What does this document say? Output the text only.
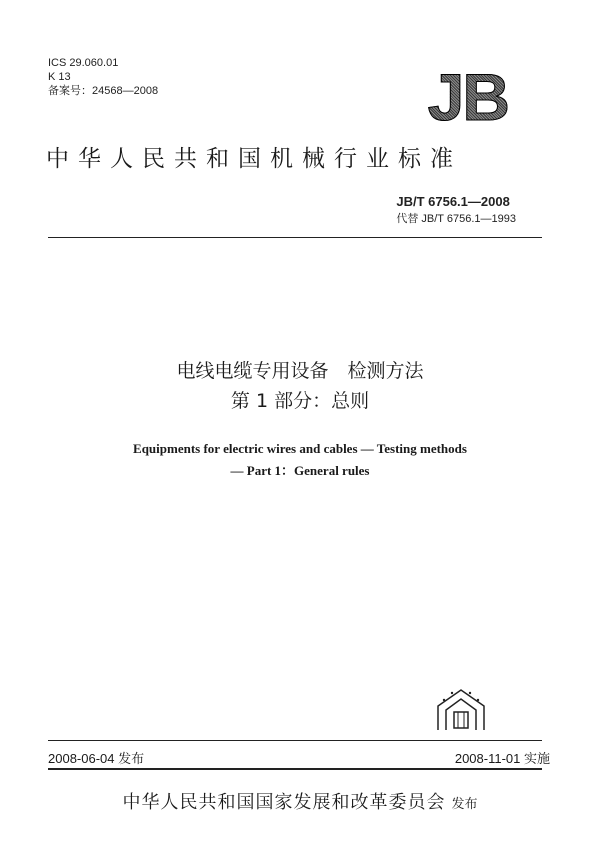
ICS 29.060.01
K 13
备案号：24568—2008	JB
中华人民共和国机械行业标准
JB/T 6756.1—2008
代替 JB/T 6756.1—1993
电线电缆专用设备　检测方法
第 1 部分：总则
Equipments for electric wires and cables — Testing methods
— Part 1：General rules
2008-06-04 发布	2008-11-01 实施
中华人民共和国国家发展和改革委员会 发布
